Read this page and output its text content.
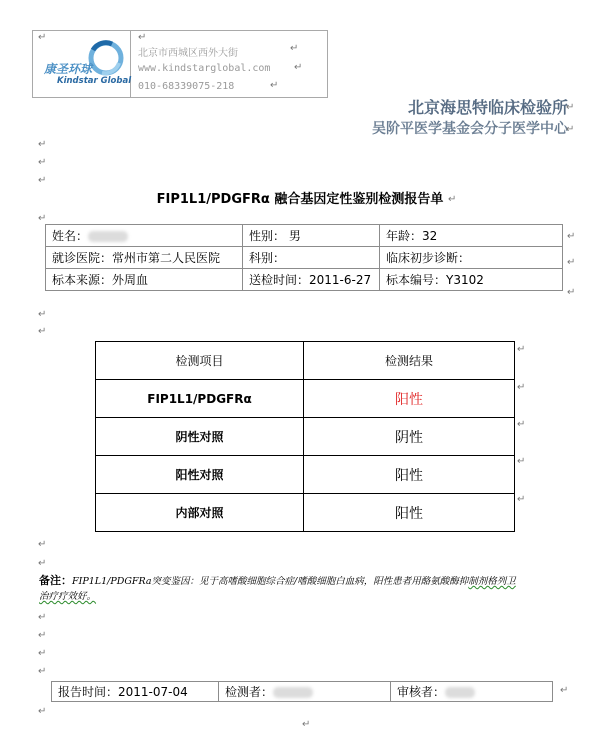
康圣环球
Kindstar Global
北京市西城区西外大街
www.kindstarglobal.com
010-68339075-218
北京海思特临床检验所
吴阶平医学基金会分子医学中心
FIP1L1/PDGFRα 融合基因定性鉴别检测报告单
姓名：	性别： 男	年龄：32
就诊医院：常州市第二人民医院	科别：	临床初步诊断：
标本来源：外周血	送检时间：2011-6-27	标本编号：Y3102
检测项目	检测结果
FIP1L1/PDGFRα	阳性
阴性对照	阴性
阳性对照	阳性
内部对照	阳性
备注：FIP1L1/PDGFRa突变鉴因：见于高嗜酸细胞综合症/嗜酸细胞白血病，阳性患者用酪氨酸酶抑制剂格列卫
治疗疗效好。
报告时间：2011-07-04	检测者：	审核者：
↵	↵
↵
↵
↵
↵
↵
↵
↵
↵
↵
↵
↵
↵
↵
↵
↵
↵
↵
↵
↵
↵
↵
↵
↵
↵
↵
↵
↵
↵
↵
